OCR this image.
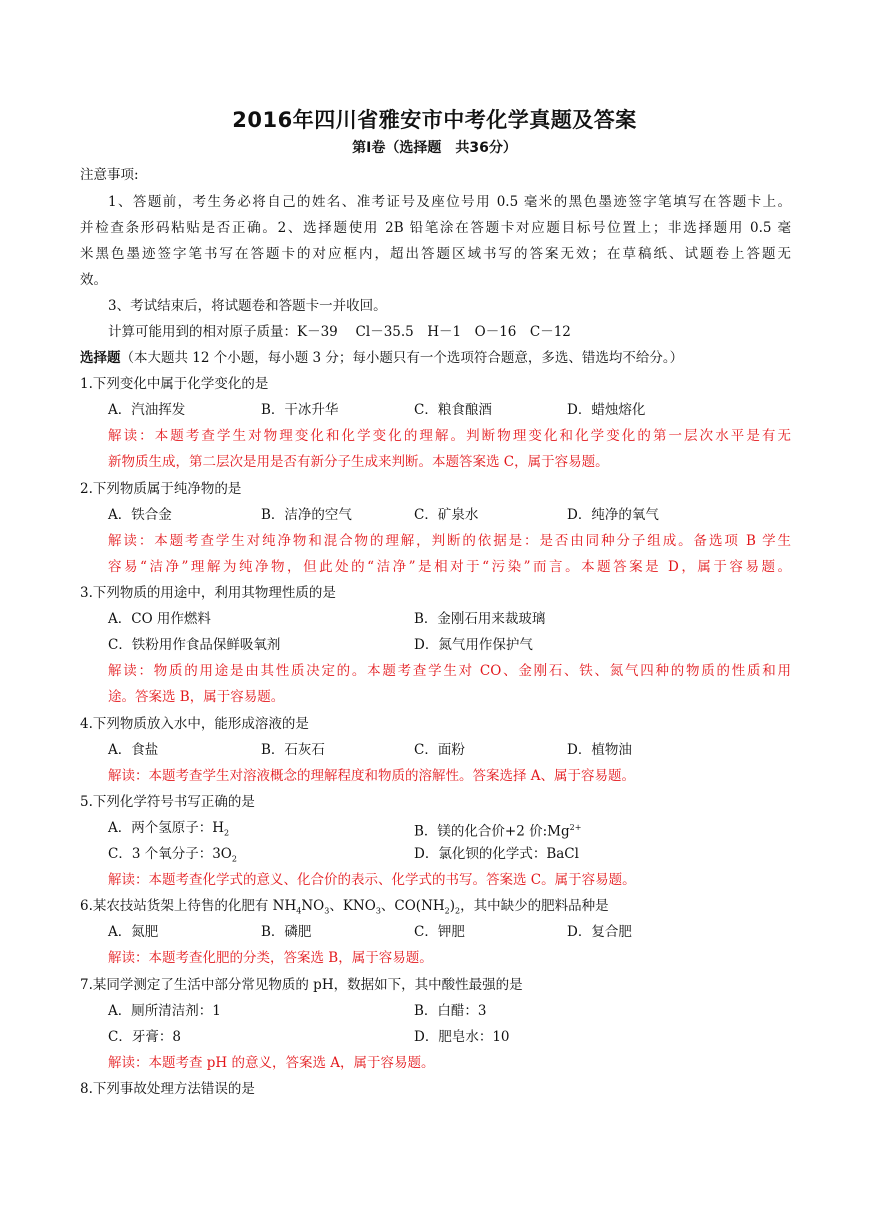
2016年四川省雅安市中考化学真题及答案
第Ⅰ卷（选择题　共36分）
注意事项:
1、答题前，考生务必将自己的姓名、准考证号及座位号用 0.5 毫米的黑色墨迹签字笔填写在答题卡上。
并检查条形码粘贴是否正确。2、选择题使用 2B 铅笔涂在答题卡对应题目标号位置上；非选择题用 0.5 毫
米黑色墨迹签字笔书写在答题卡的对应框内，超出答题区域书写的答案无效；在草稿纸、试题卷上答题无
效。
3、考试结束后，将试题卷和答题卡一并收回。
计算可能用到的相对原子质量：K－39　 Cl－35.5　H－1　O－16　C－12
选择题（本大题共 12 个小题，每小题 3 分；每小题只有一个选项符合题意，多选、错选均不给分。）
1.下列变化中属于化学变化的是
A．汽油挥发	B．干冰升华	C．粮食酿酒	D．蜡烛熔化
解读：本题考查学生对物理变化和化学变化的理解。判断物理变化和化学变化的第一层次水平是有无
新物质生成，第二层次是用是否有新分子生成来判断。本题答案选 C，属于容易题。
2.下列物质属于纯净物的是
A．铁合金	B．洁净的空气	C．矿泉水	D．纯净的氧气
解读：本题考查学生对纯净物和混合物的理解，判断的依据是：是否由同种分子组成。备选项 B 学生
容易“洁净”理解为纯净物，但此处的“洁净”是相对于“污染”而言。本题答案是 D，属于容易题。
3.下列物质的用途中，利用其物理性质的是
A．CO 用作燃料	B．金刚石用来裁玻璃
C．铁粉用作食品保鲜吸氧剂	D．氮气用作保护气
解读：物质的用途是由其性质决定的。本题考查学生对 CO、金刚石、铁、氮气四种的物质的性质和用
途。答案选 B，属于容易题。
4.下列物质放入水中，能形成溶液的是
A．食盐	B．石灰石	C．面粉	D．植物油
解读：本题考查学生对溶液概念的理解程度和物质的溶解性。答案选择 A、属于容易题。
5.下列化学符号书写正确的是
A．两个氢原子：$H_2$	B．镁的化合价+2 价$:Mg^{2+}$
C．3 个氧分子：$3O_2$	D．氯化钡的化学式：BaCl
解读：本题考查化学式的意义、化合价的表示、化学式的书写。答案选 C。属于容易题。
6.某农技站货架上待售的化肥有 $NH_4NO_3$、$KNO_3$、$CO(NH_2)_2$，其中缺少的肥料品种是
A．氮肥	B．磷肥	C．钾肥	D．复合肥
解读：本题考查化肥的分类，答案选 B，属于容易题。
7.某同学测定了生活中部分常见物质的 pH，数据如下，其中酸性最强的是
A．厕所清洁剂：1	B．白醋：3
C．牙膏：8	D．肥皂水：10
解读：本题考查 pH 的意义，答案选 A，属于容易题。
8.下列事故处理方法错误的是
